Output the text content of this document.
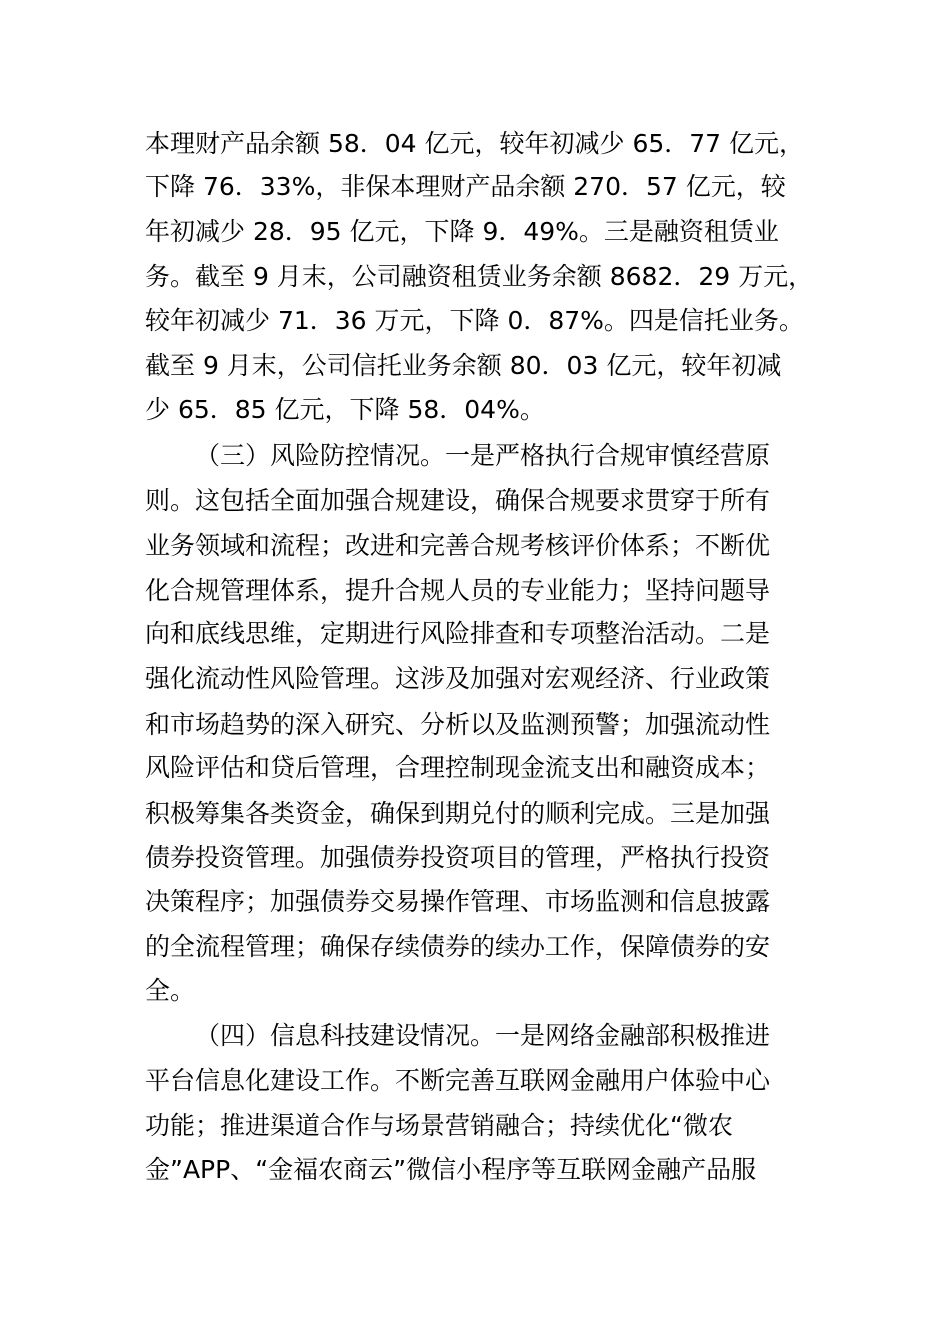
本理财产品余额 58．04 亿元，较年初减少 65．77 亿元，
下降 76．33%，非保本理财产品余额 270．57 亿元，较
年初减少 28．95 亿元，下降 9．49%。三是融资租赁业
务。截至 9 月末，公司融资租赁业务余额 8682．29 万元，
较年初减少 71．36 万元，下降 0．87%。四是信托业务。
截至 9 月末，公司信托业务余额 80．03 亿元，较年初减
少 65．85 亿元，下降 58．04%。
（三）风险防控情况。一是严格执行合规审慎经营原
则。这包括全面加强合规建设，确保合规要求贯穿于所有
业务领域和流程；改进和完善合规考核评价体系；不断优
化合规管理体系，提升合规人员的专业能力；坚持问题导
向和底线思维，定期进行风险排查和专项整治活动。二是
强化流动性风险管理。这涉及加强对宏观经济、行业政策
和市场趋势的深入研究、分析以及监测预警；加强流动性
风险评估和贷后管理，合理控制现金流支出和融资成本；
积极筹集各类资金，确保到期兑付的顺利完成。三是加强
债券投资管理。加强债券投资项目的管理，严格执行投资
决策程序；加强债券交易操作管理、市场监测和信息披露
的全流程管理；确保存续债券的续办工作，保障债券的安
全。
（四）信息科技建设情况。一是网络金融部积极推进
平台信息化建设工作。不断完善互联网金融用户体验中心
功能；推进渠道合作与场景营销融合；持续优化“微农
金”APP、“金福农商云”微信小程序等互联网金融产品服
